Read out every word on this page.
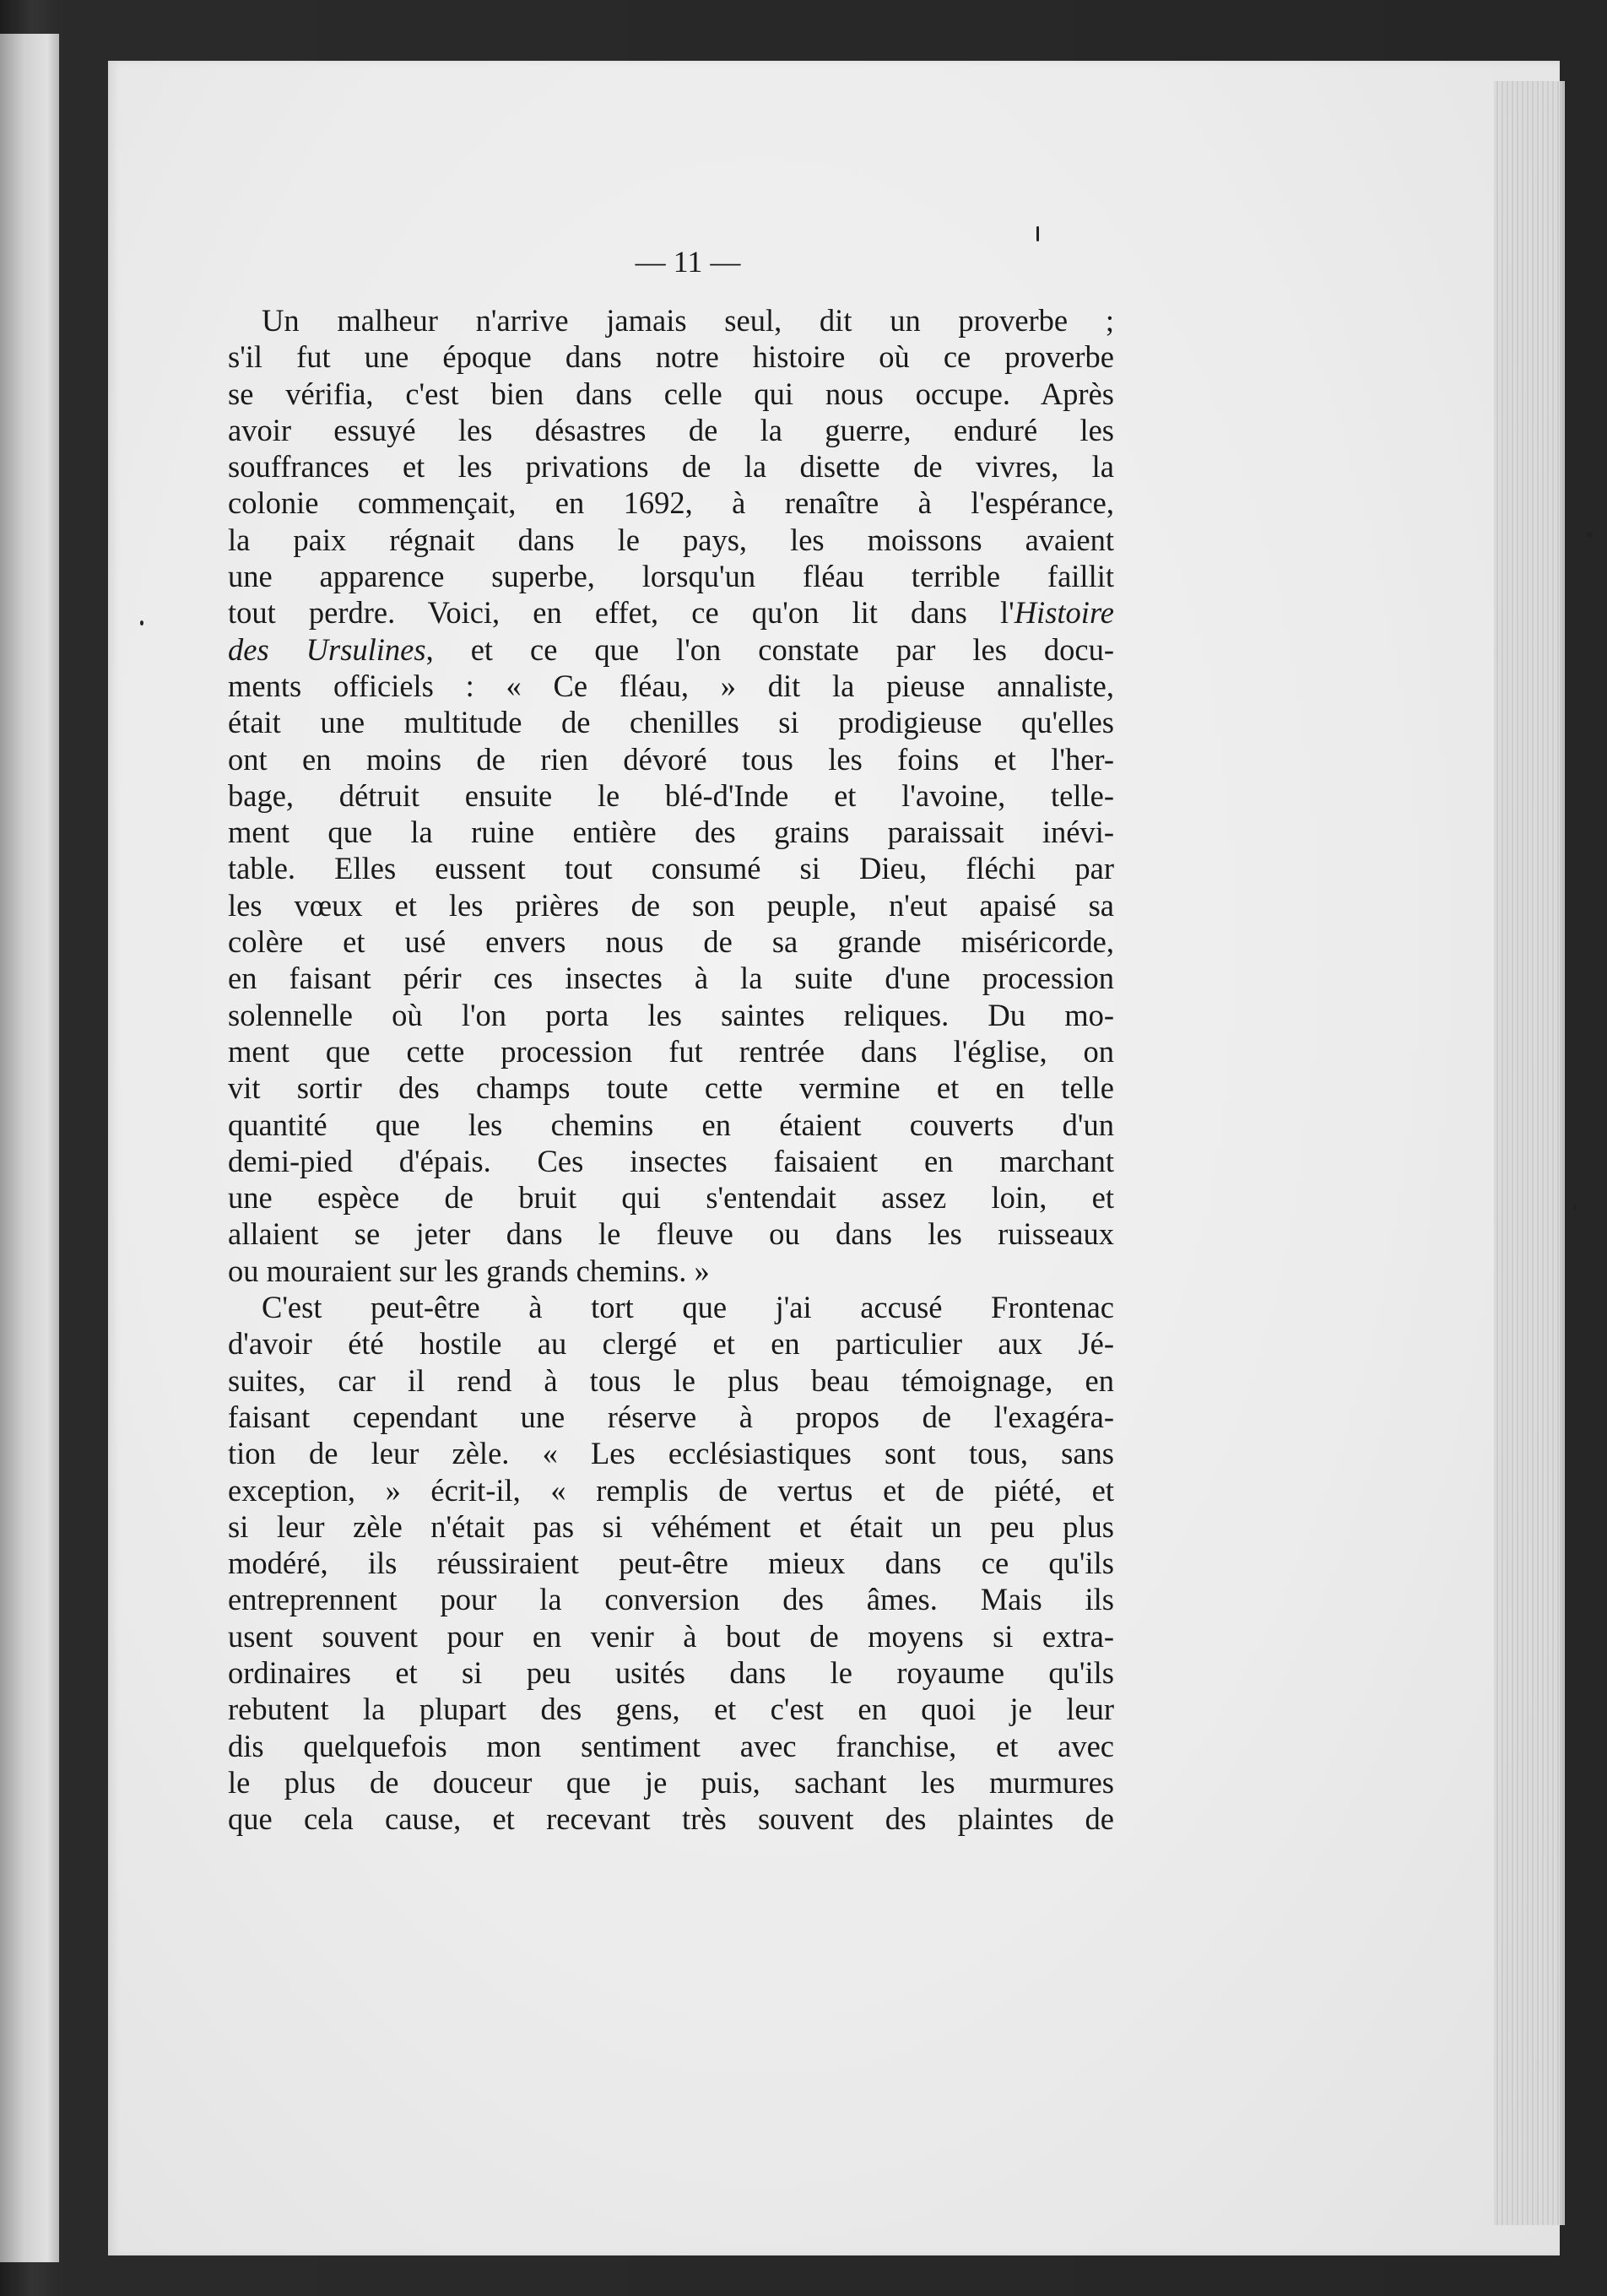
— 11 —
Un malheur n'arrive jamais seul, dit un proverbe ;
s'il fut une époque dans notre histoire où ce proverbe
se vérifia, c'est bien dans celle qui nous occupe. Après
avoir essuyé les désastres de la guerre, enduré les
souffrances et les privations de la disette de vivres, la
colonie commençait, en 1692, à renaître à l'espérance,
la paix régnait dans le pays, les moissons avaient
une apparence superbe, lorsqu'un fléau terrible faillit
tout perdre. Voici, en effet, ce qu'on lit dans l'Histoire
des Ursulines, et ce que l'on constate par les docu-
ments officiels : « Ce fléau, » dit la pieuse annaliste,
était une multitude de chenilles si prodigieuse qu'elles
ont en moins de rien dévoré tous les foins et l'her-
bage, détruit ensuite le blé-d'Inde et l'avoine, telle-
ment que la ruine entière des grains paraissait inévi-
table. Elles eussent tout consumé si Dieu, fléchi par
les vœux et les prières de son peuple, n'eut apaisé sa
colère et usé envers nous de sa grande miséricorde,
en faisant périr ces insectes à la suite d'une procession
solennelle où l'on porta les saintes reliques. Du mo-
ment que cette procession fut rentrée dans l'église, on
vit sortir des champs toute cette vermine et en telle
quantité que les chemins en étaient couverts d'un
demi-pied d'épais. Ces insectes faisaient en marchant
une espèce de bruit qui s'entendait assez loin, et
allaient se jeter dans le fleuve ou dans les ruisseaux
ou mouraient sur les grands chemins. »
C'est peut-être à tort que j'ai accusé Frontenac
d'avoir été hostile au clergé et en particulier aux Jé-
suites, car il rend à tous le plus beau témoignage, en
faisant cependant une réserve à propos de l'exagéra-
tion de leur zèle. « Les ecclésiastiques sont tous, sans
exception, » écrit-il, « remplis de vertus et de piété, et
si leur zèle n'était pas si véhément et était un peu plus
modéré, ils réussiraient peut-être mieux dans ce qu'ils
entreprennent pour la conversion des âmes. Mais ils
usent souvent pour en venir à bout de moyens si extra-
ordinaires et si peu usités dans le royaume qu'ils
rebutent la plupart des gens, et c'est en quoi je leur
dis quelquefois mon sentiment avec franchise, et avec
le plus de douceur que je puis, sachant les murmures
que cela cause, et recevant très souvent des plaintes de
